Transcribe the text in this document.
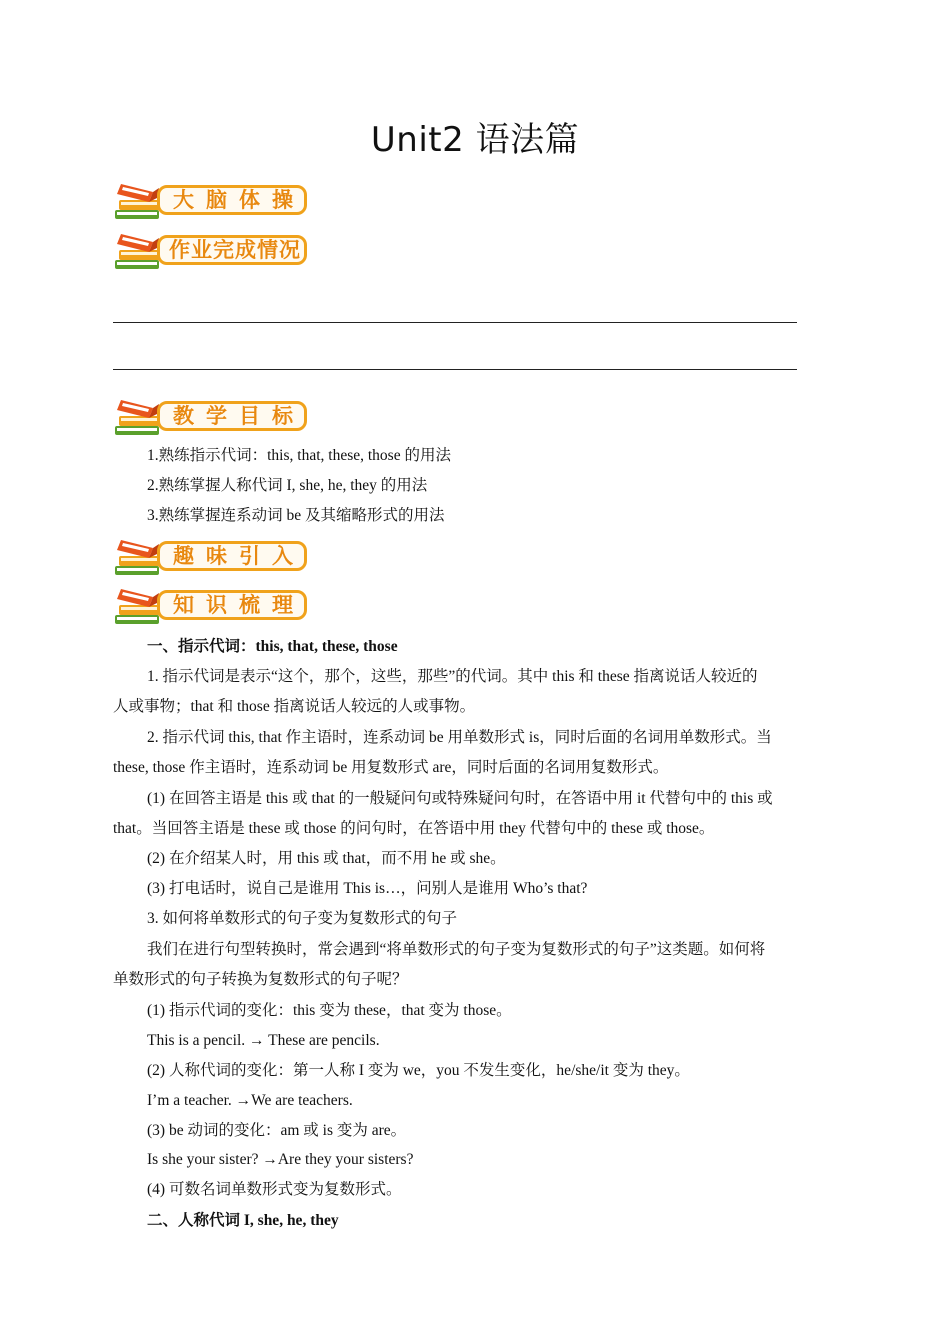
Unit2 语法篇
大脑体操
作业完成情况
教学目标
1.熟练指示代词：this, that, these, those 的用法
2.熟练掌握人称代词 I, she, he, they 的用法
3.熟练掌握连系动词 be 及其缩略形式的用法
趣味引入
知识梳理
一、指示代词：this, that, these, those
1. 指示代词是表示“这个，那个，这些，那些”的代词。其中 this 和 these 指离说话人较近的
人或事物；that 和 those 指离说话人较远的人或事物。
2. 指示代词 this, that 作主语时，连系动词 be 用单数形式 is，同时后面的名词用单数形式。当
these, those 作主语时，连系动词 be 用复数形式 are，同时后面的名词用复数形式。
(1) 在回答主语是 this 或 that 的一般疑问句或特殊疑问句时，在答语中用 it 代替句中的 this 或
that。当回答主语是 these 或 those 的问句时，在答语中用 they 代替句中的 these 或 those。
(2) 在介绍某人时，用 this 或 that，而不用 he 或 she。
(3) 打电话时，说自己是谁用 This is…，问别人是谁用 Who’s that?
3. 如何将单数形式的句子变为复数形式的句子
我们在进行句型转换时，常会遇到“将单数形式的句子变为复数形式的句子”这类题。如何将
单数形式的句子转换为复数形式的句子呢？
(1) 指示代词的变化：this 变为 these，that 变为 those。
This is a pencil. → These are pencils.
(2) 人称代词的变化：第一人称 I 变为 we，you 不发生变化，he/she/it 变为 they。
I’m a teacher. →We are teachers.
(3) be 动词的变化：am 或 is 变为 are。
Is she your sister? →Are they your sisters?
(4) 可数名词单数形式变为复数形式。
二、人称代词 I, she, he, they
